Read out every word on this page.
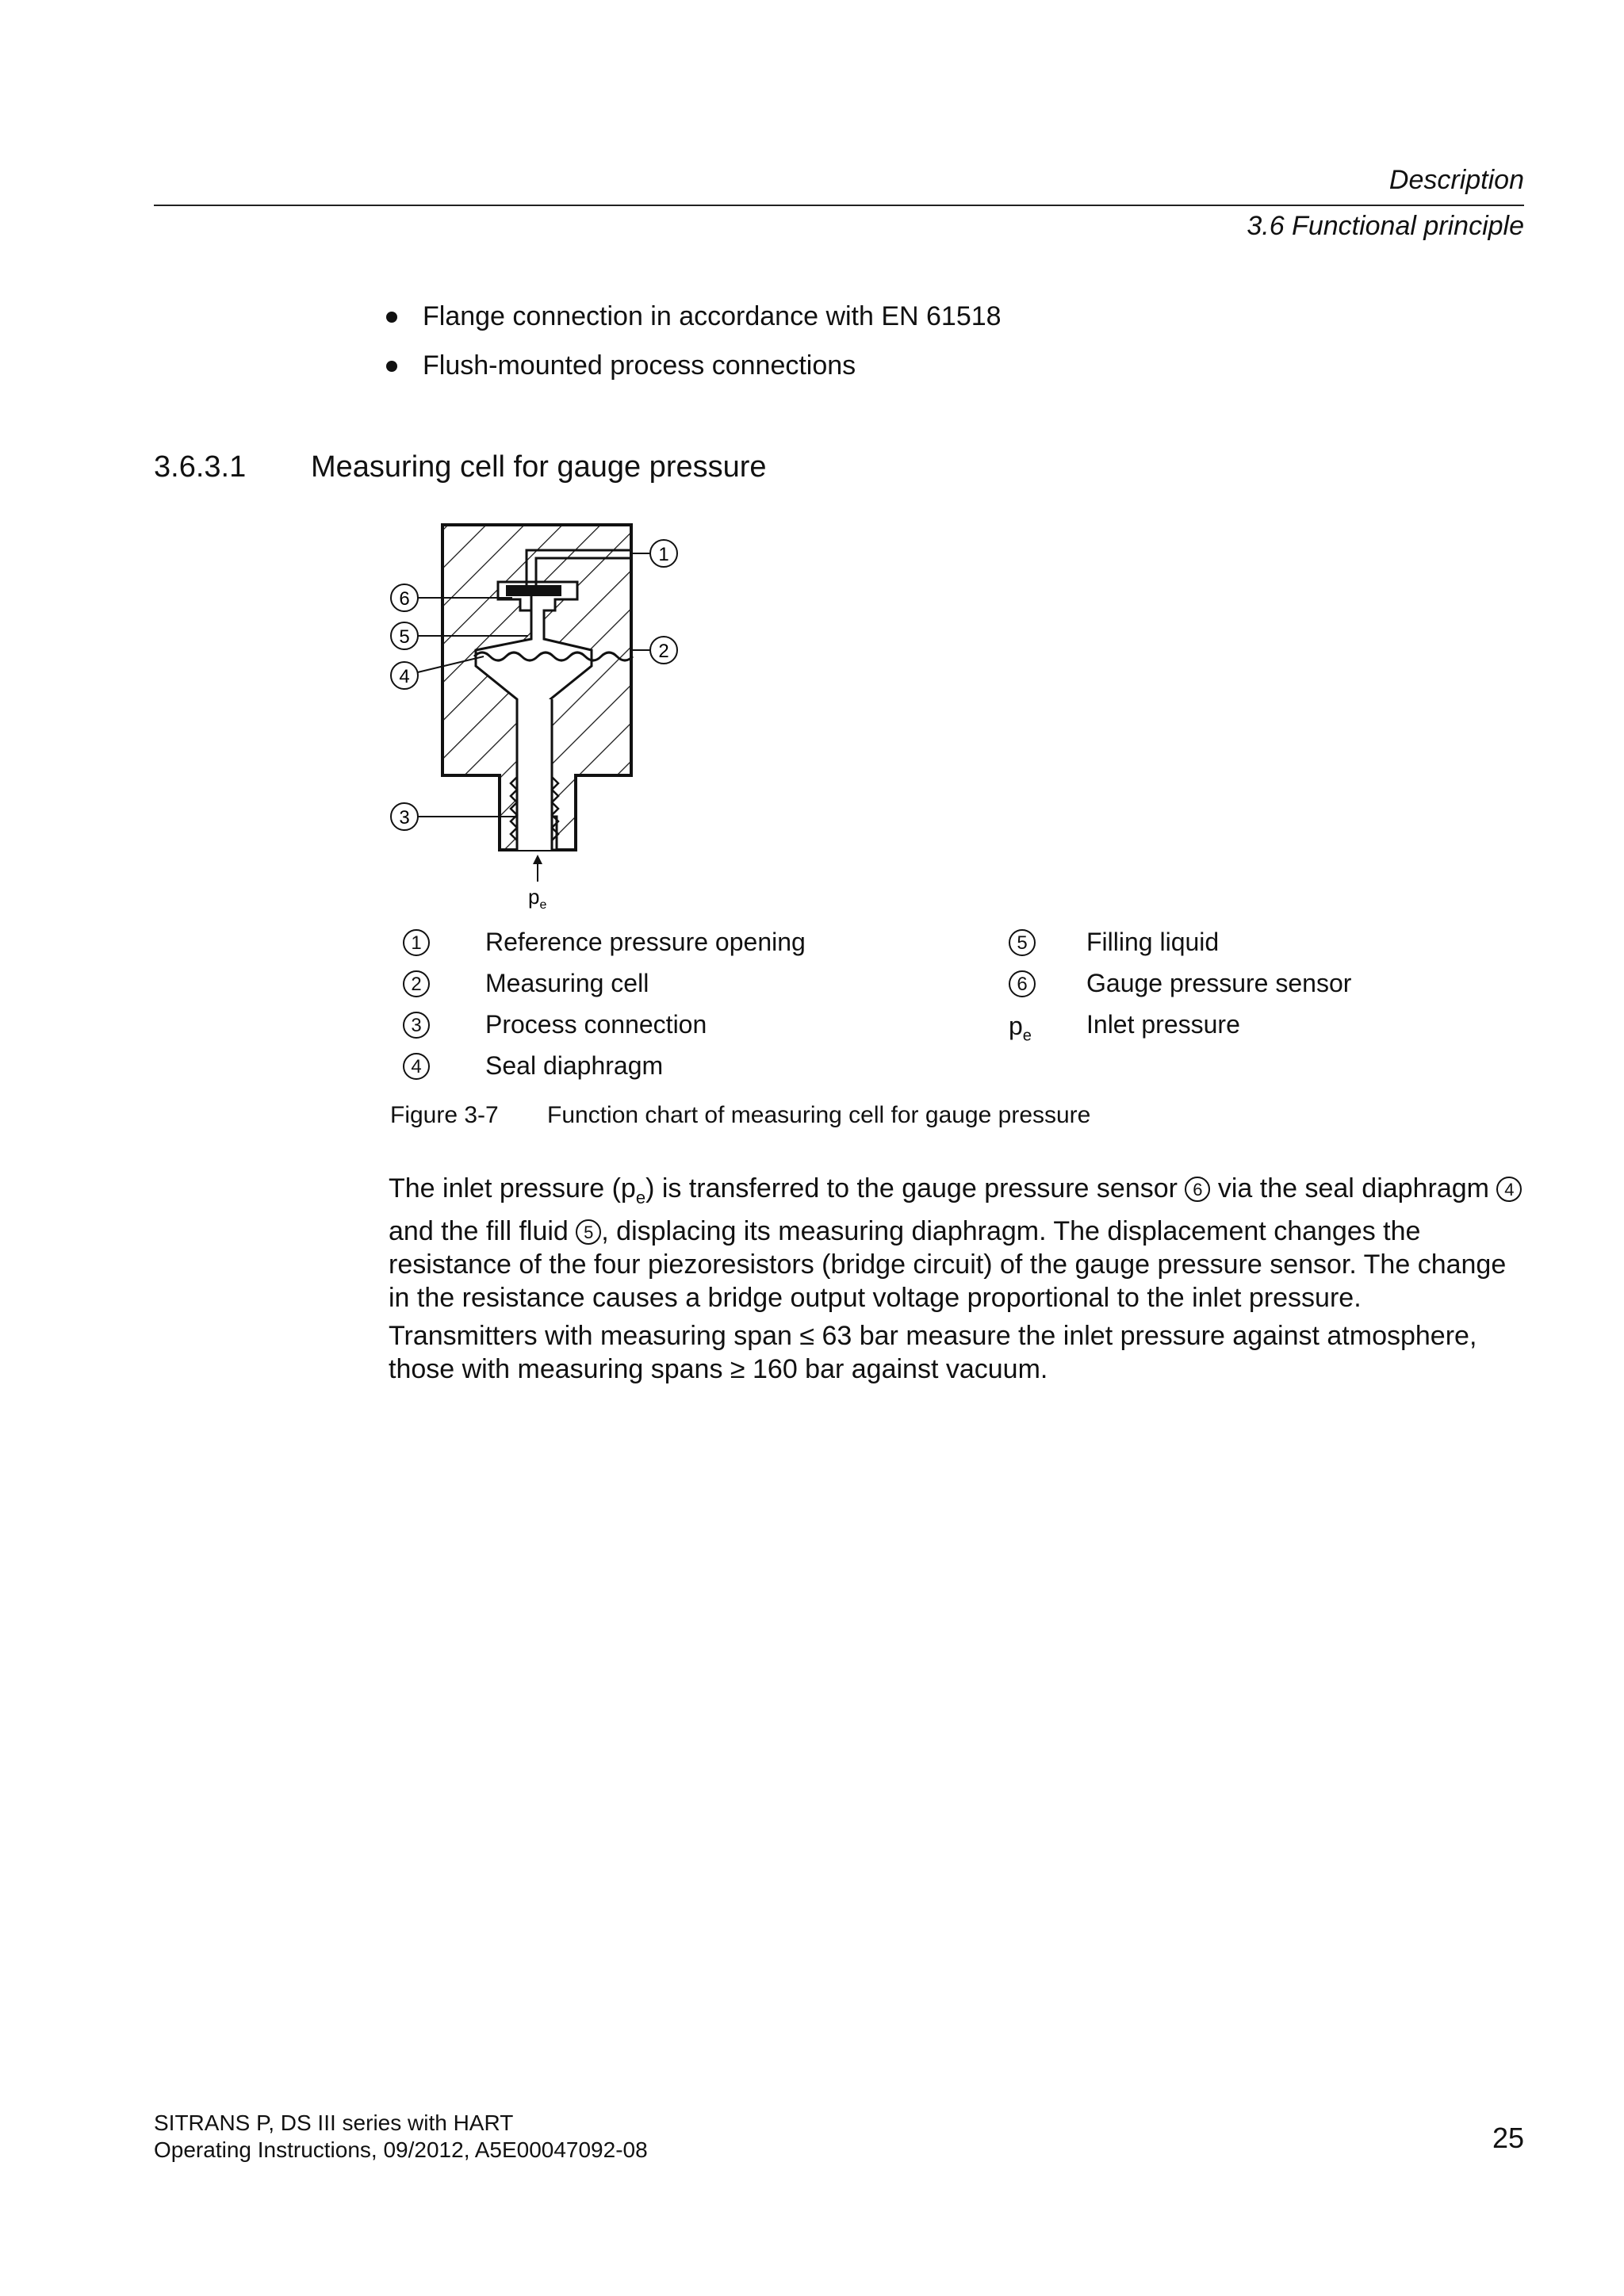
Description
3.6 Functional principle
Flange connection in accordance with EN 61518
Flush-mounted process connections
3.6.3.1 Measuring cell for gauge pressure
1
2
6
5
4
3
$p_e$
1	Reference pressure opening
2	Measuring cell
3	Process connection
4	Seal diaphragm
5	Filling liquid
6	Gauge pressure sensor
$p_e$ Inlet pressure
Figure 3-7 Function chart of measuring cell for gauge pressure

The inlet pressure $(p_e)$ is transferred to the gauge pressure sensor 6 via the seal diaphragm 4 and the fill fluid 5 , displacing its measuring diaphragm. The displacement changes the resistance of the four piezoresistors (bridge circuit) of the gauge pressure sensor. The change in the resistance causes a bridge output voltage proportional to the inlet pressure.

Transmitters with measuring span ≤ 63 bar measure the inlet pressure against atmosphere, those with measuring spans ≥ 160 bar against vacuum.

SITRANS P, DS III series with HART
Operating Instructions, 09/2012, A5E00047092-08	25
